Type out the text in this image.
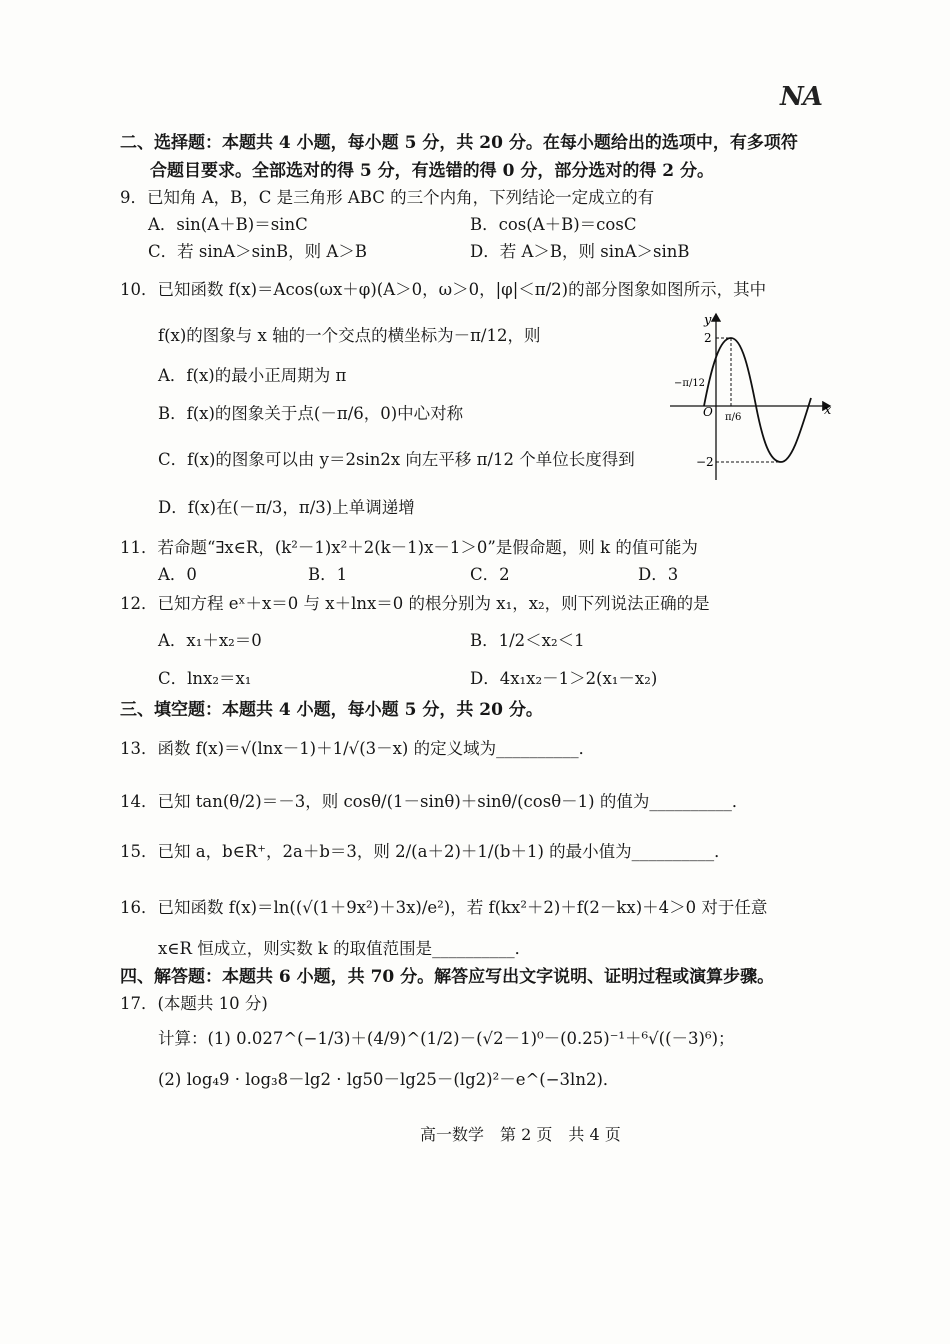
NA
二、选择题：本题共 4 小题，每小题 5 分，共 20 分。在每小题给出的选项中，有多项符
合题目要求。全部选对的得 5 分，有选错的得 0 分，部分选对的得 2 分。
9．已知角 A，B，C 是三角形 ABC 的三个内角，下列结论一定成立的有
A．sin(A＋B)＝sinC	B．cos(A＋B)＝cosC
C．若 sinA＞sinB，则 A＞B	D．若 A＞B，则 sinA＞sinB
10．已知函数 f(x)＝Acos(ωx＋φ)(A＞0，ω＞0，|φ|＜π/2)的部分图象如图所示，其中
f(x)的图象与 x 轴的一个交点的横坐标为－π/12，则
A．f(x)的最小正周期为 π
B．f(x)的图象关于点(－π/6，0)中心对称
C．f(x)的图象可以由 y＝2sin2x 向左平移 π/12 个单位长度得到
D．f(x)在(－π/3，π/3)上单调递增
y
x
O
2
−2
−π/12
π/6
11．若命题“∃x∈R，(k²－1)x²＋2(k－1)x－1＞0”是假命题，则 k 的值可能为
A．0	B．1	C．2	D．3
12．已知方程 eˣ＋x＝0 与 x＋lnx＝0 的根分别为 x₁，x₂，则下列说法正确的是
A．x₁＋x₂＝0	B．1/2＜x₂＜1
C．lnx₂＝x₁	D．4x₁x₂－1＞2(x₁－x₂)
三、填空题：本题共 4 小题，每小题 5 分，共 20 分。
13．函数 f(x)＝√(lnx－1)＋1/√(3－x) 的定义域为__________．
14．已知 tan(θ/2)＝－3，则 cosθ/(1－sinθ)＋sinθ/(cosθ－1) 的值为__________．
15．已知 a，b∈R⁺，2a＋b＝3，则 2/(a＋2)＋1/(b＋1) 的最小值为__________．
16．已知函数 f(x)＝ln((√(1＋9x²)＋3x)/e²)，若 f(kx²＋2)＋f(2－kx)＋4＞0 对于任意
x∈R 恒成立，则实数 k 的取值范围是__________．
四、解答题：本题共 6 小题，共 70 分。解答应写出文字说明、证明过程或演算步骤。
17．(本题共 10 分)
计算：(1) 0.027^(−1/3)＋(4/9)^(1/2)－(√2－1)⁰－(0.25)⁻¹＋⁶√((－3)⁶)；
(2) log₄9 · log₃8－lg2 · lg50－lg25－(lg2)²－e^(−3ln2)．
高一数学　第 2 页　共 4 页
